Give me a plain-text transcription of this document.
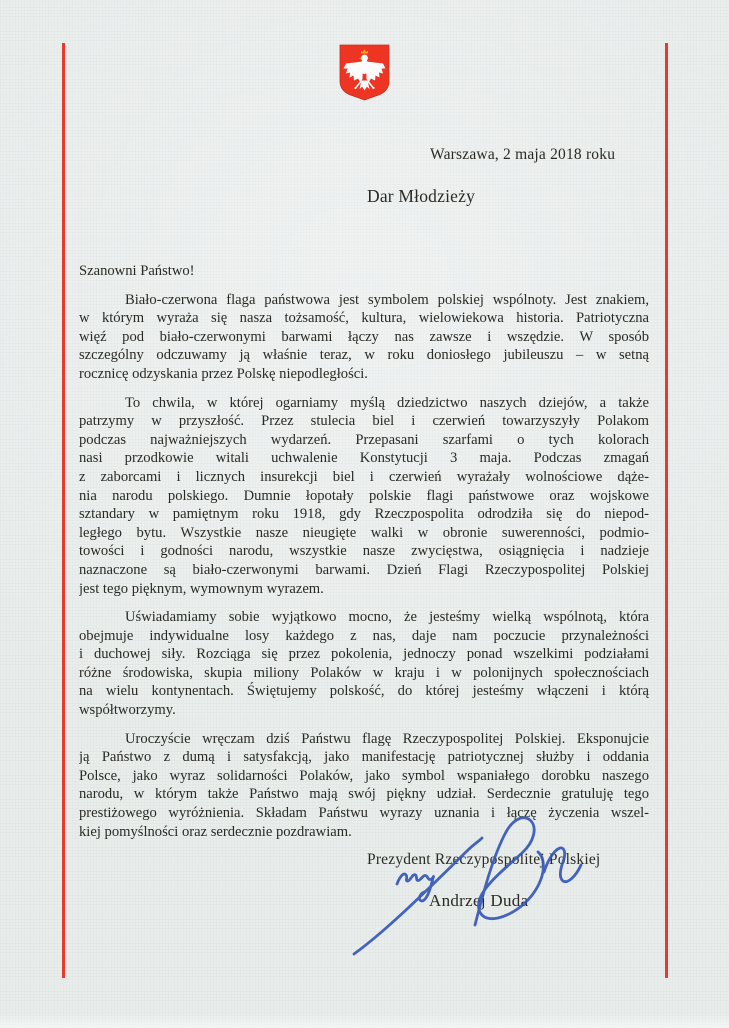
Warszawa, 2 maja 2018 roku
Dar Młodzieży
Szanowni Państwo!
Biało-czerwona flaga państwowa jest symbolem polskiej wspólnoty. Jest znakiem,
w którym wyraża się nasza tożsamość, kultura, wielowiekowa historia. Patriotyczna
więź pod biało-czerwonymi barwami łączy nas zawsze i wszędzie. W sposób
szczególny odczuwamy ją właśnie teraz, w roku doniosłego jubileuszu – w setną
rocznicę odzyskania przez Polskę niepodległości.
To chwila, w której ogarniamy myślą dziedzictwo naszych dziejów, a także
patrzymy w przyszłość. Przez stulecia biel i czerwień towarzyszyły Polakom
podczas najważniejszych wydarzeń. Przepasani szarfami o tych kolorach
nasi przodkowie witali uchwalenie Konstytucji 3 maja. Podczas zmagań
z zaborcami i licznych insurekcji biel i czerwień wyrażały wolnościowe dąże-
nia narodu polskiego. Dumnie łopotały polskie flagi państwowe oraz wojskowe
sztandary w pamiętnym roku 1918, gdy Rzeczpospolita odrodziła się do niepod-
ległego bytu. Wszystkie nasze nieugięte walki w obronie suwerenności, podmio-
towości i godności narodu, wszystkie nasze zwycięstwa, osiągnięcia i nadzieje
naznaczone są biało-czerwonymi barwami. Dzień Flagi Rzeczypospolitej Polskiej
jest tego pięknym, wymownym wyrazem.
Uświadamiamy sobie wyjątkowo mocno, że jesteśmy wielką wspólnotą, która
obejmuje indywidualne losy każdego z nas, daje nam poczucie przynależności
i duchowej siły. Rozciąga się przez pokolenia, jednoczy ponad wszelkimi podziałami
różne środowiska, skupia miliony Polaków w kraju i w polonijnych społecznościach
na wielu kontynentach. Świętujemy polskość, do której jesteśmy włączeni i którą
współtworzymy.
Uroczyście wręczam dziś Państwu flagę Rzeczypospolitej Polskiej. Eksponujcie
ją Państwo z dumą i satysfakcją, jako manifestację patriotycznej służby i oddania
Polsce, jako wyraz solidarności Polaków, jako symbol wspaniałego dorobku naszego
narodu, w którym także Państwo mają swój piękny udział. Serdecznie gratuluję tego
prestiżowego wyróżnienia. Składam Państwu wyrazy uznania i łączę życzenia wszel-
kiej pomyślności oraz serdecznie pozdrawiam.
Prezydent Rzeczypospolitej Polskiej
Andrzej Duda
